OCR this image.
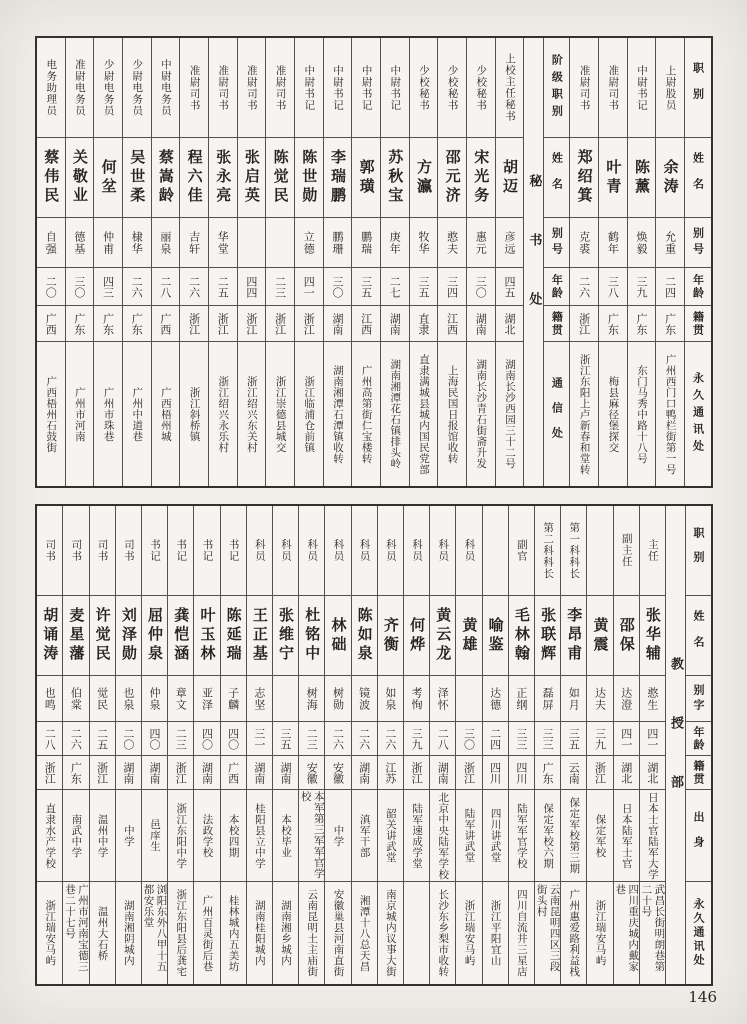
职别
姓名
别号
年龄
籍贯
永久通讯处
上尉股员
余涛
允重
二四
广东
广州西门口鸭栏街第一号
中尉书记
陈薰
焕毅
三九
广东
东门马秀中路十八号
准尉司书
叶青
鹤年
三八
广东
梅县麻径堡探交
准尉司书
郑绍箕
克裘
二六
浙江
浙江东阳上卢新春和堂转
秘书处
阶级职别
姓名
别号
年龄
籍贯
通信处
上校主任秘书
胡迈
彦远
四五
湖北
湖南长沙西园三十二号
少校秘书
宋光务
惠元
三〇
湖南
湖南长沙青石街斋升发
少校秘书
邵元济
憨夫
三四
江西
上海民国日报馆收转
少校秘书
方瀛
牧华
三五
直隶
直隶满城县城内国民党部
中尉书记
苏秋宝
庚年
二七
湖南
湖南湘潭花石镇排头岭
中尉书记
郭璜
鹏瑞
三五
江西
广州高第街仁宝楼转
中尉书记
李瑞鹏
鹏珊
三〇
湖南
湖南湘潭石潭镇收转
中尉书记
陈世勋
立德
四一
浙江
浙江临浦仓前镇
准尉司书
陈觉民
二三
浙江
浙江崇德县城交
准尉司书
张启英
四四
浙江
浙江绍兴东关村
准尉司书
张永亮
华堂
二五
浙江
浙江绍兴永乐村
准尉司书
程六佳
吉轩
二六
浙江
浙江斜桥镇
中尉电务员
蔡嵩龄
丽泉
二八
广西
广西梧州城
少尉电务员
吴世柔
棣华
二六
广东
广州中道巷
少尉电务员
何坌
仲甫
四三
广东
广州市珠巷
准尉电务员
关敬业
德基
三〇
广东
广州市河南
电务助理员
蔡伟民
自强
二〇
广西
广西梧州石鼓街
教授部
职别
姓名
别字
年龄
籍贯
出身
永久通讯处
主任
张华辅
憨生
四一
湖北
日本士官陆军大学
武昌长街明朗巷第二十号
副主任
邵保
达澄
四一
湖北
日本陆军士官
四川重庆城内戴家巷
黄震
达夫
三九
浙江
保定军校
浙江瑞安马屿
第一科科长
李昂甫
如月
三五
云南
保定军校第三期
广州惠爱路利益栈
第二科科长
张联辉
磊屏
三三
广东
保定军校六期
云南昆明四区三段街头村
副官
毛林翰
正纲
三三
四川
陆军军官学校
四川自流井三星店
喻鉴
达德
二四
四川
四川讲武堂
浙江平阳宜山
科员
黄雄
三〇
浙江
陆军讲武堂
浙江瑞安马屿
科员
黄云龙
泽怀
二八
湖南
北京中央陆军学校
长沙东乡梨市收转
科员
何烨
考恂
三九
浙江
陆军速成学堂
科员
齐衡
如泉
二六
江苏
韶关讲武堂
南京城内议事大街
科员
陈如泉
镜波
二六
湖南
滇军干部
湘潭十八总天昌
科员
林础
树勋
二六
安徽
中学
安徽巢县河南直街
科员
杜铭中
树海
二三
安徽
本军第三军军官学校
云南昆明土主庙街
科员
张维宁
三五
湖南
本校毕业
湖南湘乡城内
科员
王正基
志坚
三一
湖南
桂阳县立中学
湖南桂阳城内
书记
陈延瑞
子麟
四〇
广西
本校四期
桂林城内五美坊
书记
叶玉林
亚泽
四〇
湖南
法政学校
广州百灵街后巷
书记
龚恺涵
章文
二三
浙江
浙江东阳中学
浙江东阳县后龚宅
书记
屈仲泉
仲泉
四〇
湖南
邑庠生
浏阳东外八甲十五都安乐堂
司书
刘泽勋
也泉
二〇
湖南
中学
湖南湘阴城内
司书
许觉民
觉民
二五
浙江
温州中学
温州大石桥
司书
麦星藩
伯棠
二六
广东
南武中学
广州市河南宝德三巷二十七号
司书
胡诵涛
也鸣
二八
浙江
直隶水产学校
浙江瑞安马屿
146
